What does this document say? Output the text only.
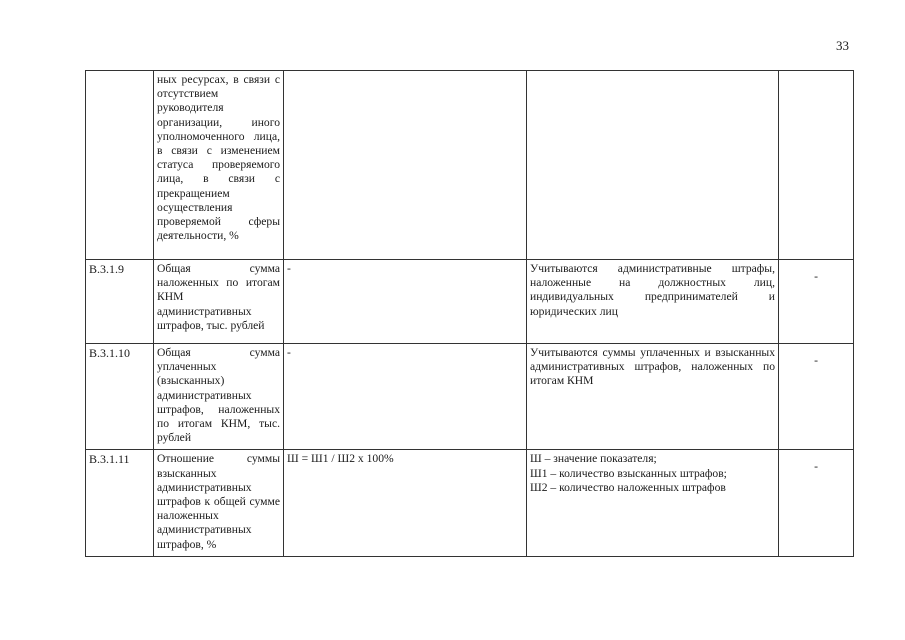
33
	ных ресурсах, в связи с отсутствием руководителя организации, иного уполномоченного лица, в связи с изменением статуса проверяемого лица, в связи с прекращением осуществления проверяемой сферы деятельности, %			
В.3.1.9	Общая сумма наложенных по итогам КНМ административных штрафов, тыс. рублей	-	Учитываются административные штрафы, наложенные на должностных лиц, индивидуальных предпринимателей и юридических лиц	-
В.3.1.10	Общая сумма уплаченных (взысканных) административных штрафов, наложенных по итогам КНМ, тыс. рублей	-	Учитываются суммы уплаченных и взысканных административных штрафов, наложенных по итогам КНМ	-
В.3.1.11	Отношение суммы взысканных административных штрафов к общей сумме наложенных административных штрафов, %	Ш = Ш1 / Ш2 х 100%	Ш – значение показателя;
Ш1 – количество взысканных штрафов;
Ш2 – количество наложенных штрафов	-
